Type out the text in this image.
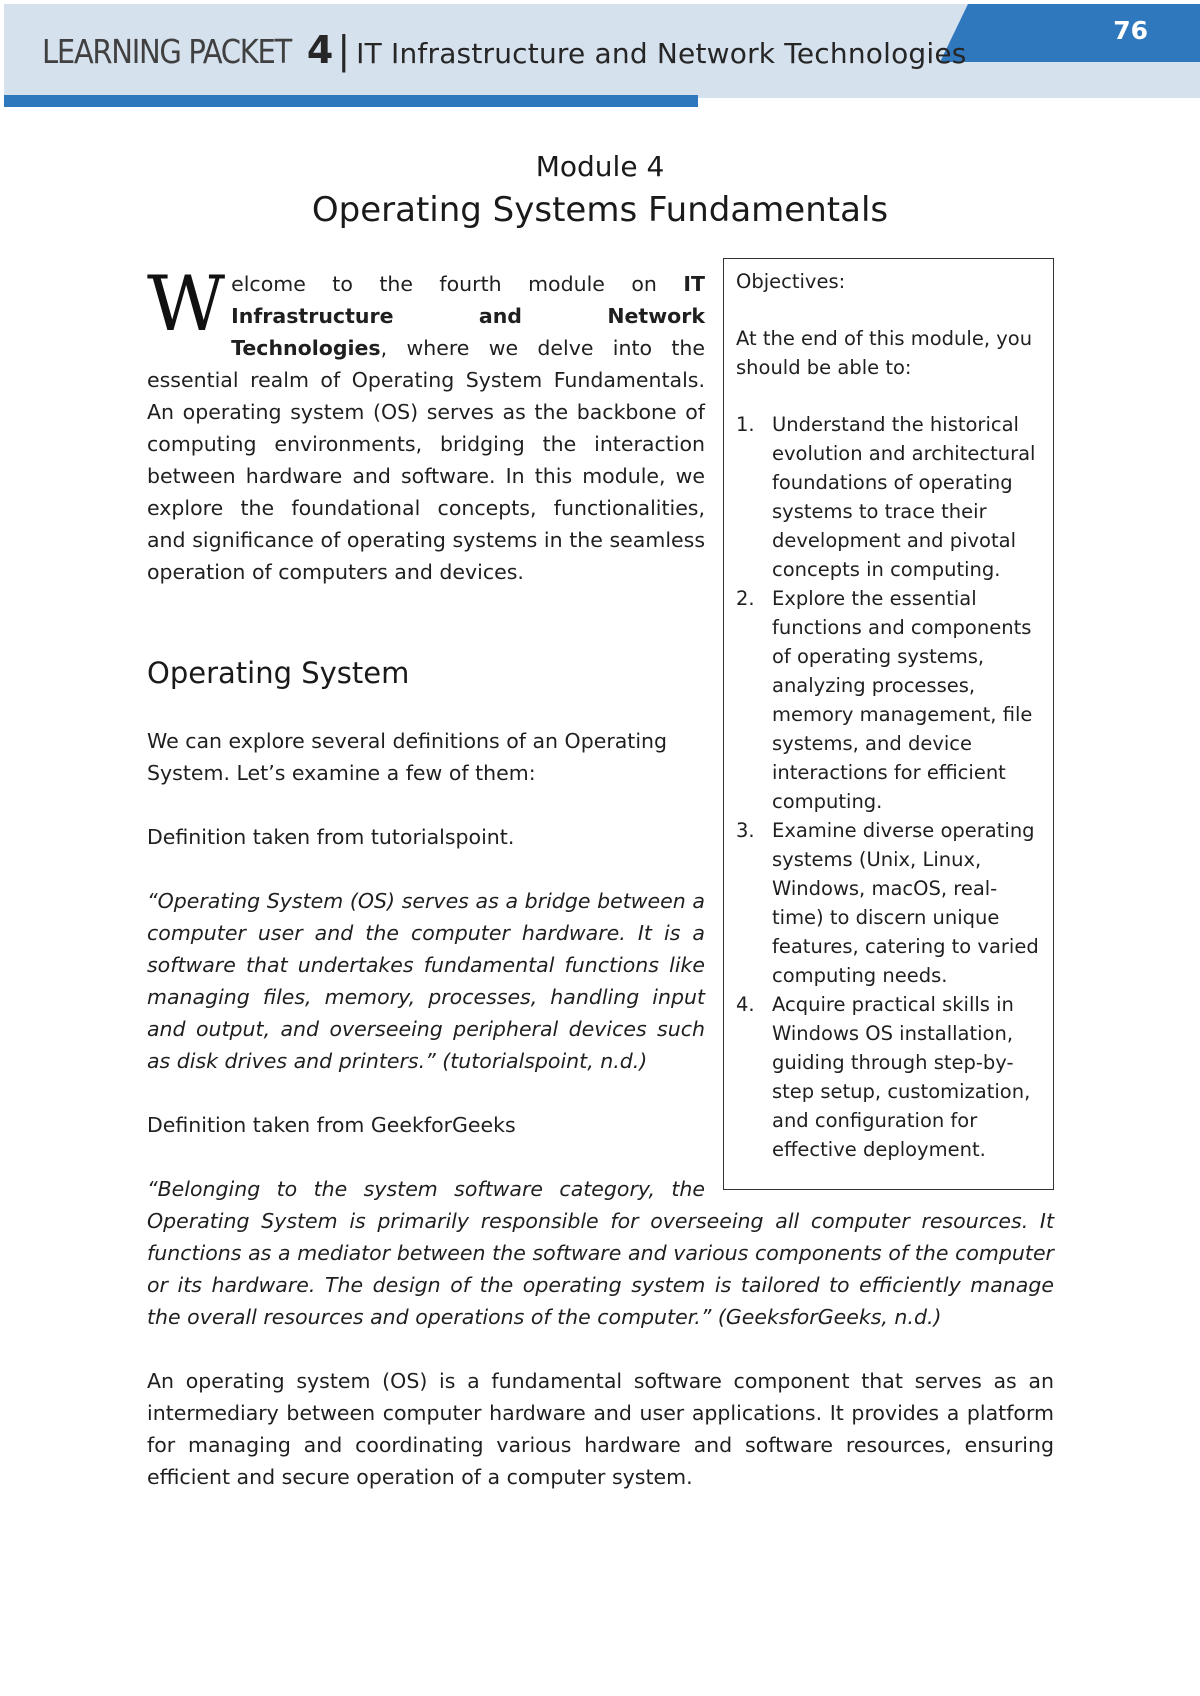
76

LEARNING PACKET 4 | IT Infrastructure and Network Technologies

Module 4
Operating Systems Fundamentals

Welcome to the fourth module on IT Infrastructure and Network Technologies, where we delve into the essential realm of Operating System Fundamentals. An operating system (OS) serves as the backbone of computing environments, bridging the interaction between hardware and software. In this module, we explore the foundational concepts, functionalities, and significance of operating systems in the seamless operation of computers and devices.

Objectives:

At the end of this module, you should be able to:

1. Understand the historical evolution and architectural foundations of operating systems to trace their development and pivotal concepts in computing.
2. Explore the essential functions and components of operating systems, analyzing processes, memory management, file systems, and device interactions for efficient computing.
3. Examine diverse operating systems (Unix, Linux, Windows, macOS, real-time) to discern unique features, catering to varied computing needs.
4. Acquire practical skills in Windows OS installation, guiding through step-by-step setup, customization, and configuration for effective deployment.
Operating System

We can explore several definitions of an Operating System. Let’s examine a few of them:

Definition taken from tutorialspoint.

“Operating System (OS) serves as a bridge between a computer user and the computer hardware. It is a software that undertakes fundamental functions like managing files, memory, processes, handling input and output, and overseeing peripheral devices such as disk drives and printers.” (tutorialspoint, n.d.)

Definition taken from GeekforGeeks

“Belonging to the system software category, the

Operating System is primarily responsible for overseeing all computer resources. It functions as a mediator between the software and various components of the computer or its hardware. The design of the operating system is tailored to efficiently manage the overall resources and operations of the computer.” (GeeksforGeeks, n.d.)

An operating system (OS) is a fundamental software component that serves as an intermediary between computer hardware and user applications. It provides a platform for managing and coordinating various hardware and software resources, ensuring efficient and secure operation of a computer system.
